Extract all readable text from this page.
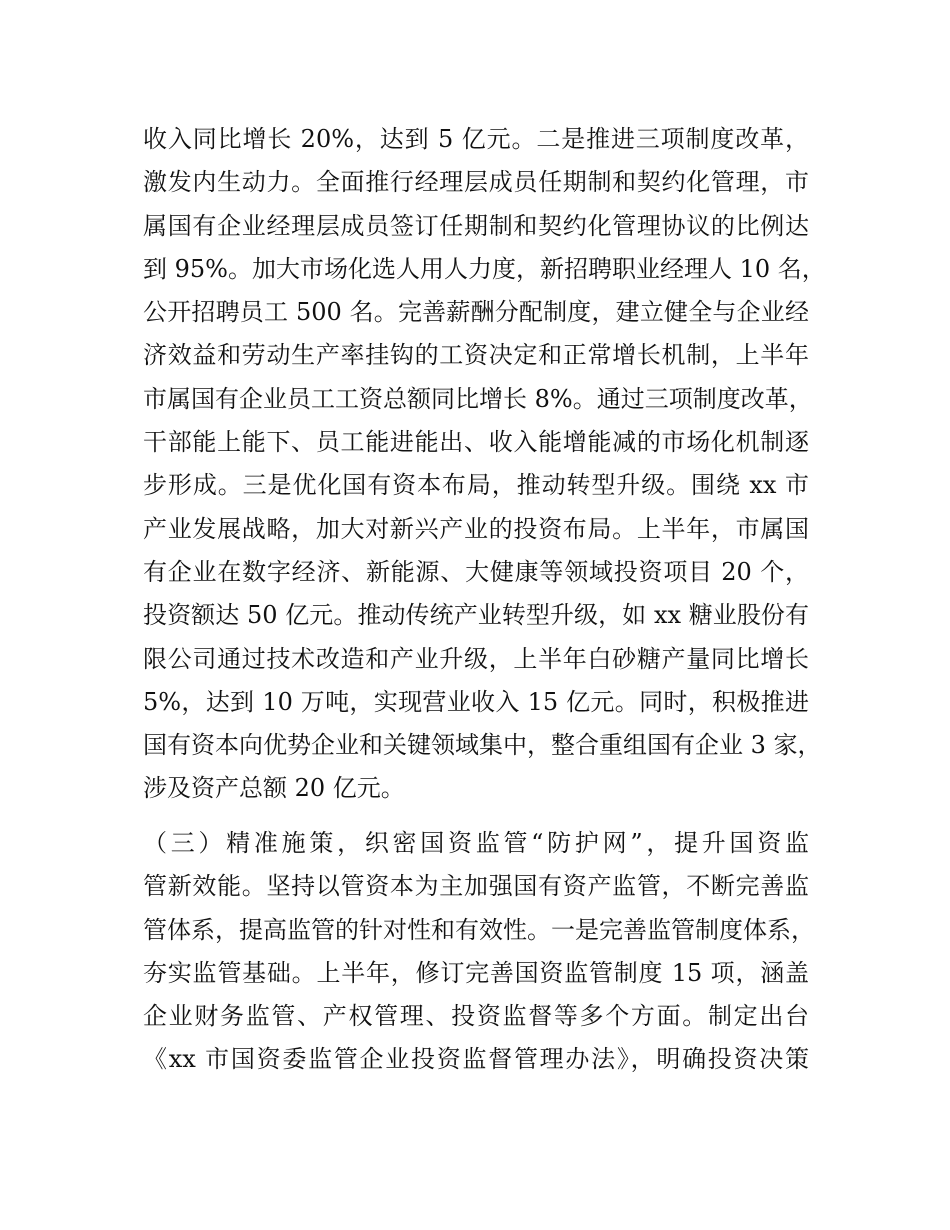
收入同比增长 20%，达到 5 亿元。二是推进三项制度改革，
激发内生动力。全面推行经理层成员任期制和契约化管理，市
属国有企业经理层成员签订任期制和契约化管理协议的比例达
到 95%。加大市场化选人用人力度，新招聘职业经理人 10 名，
公开招聘员工 500 名。完善薪酬分配制度，建立健全与企业经
济效益和劳动生产率挂钩的工资决定和正常增长机制，上半年
市属国有企业员工工资总额同比增长 8%。通过三项制度改革，
干部能上能下、员工能进能出、收入能增能减的市场化机制逐
步形成。三是优化国有资本布局，推动转型升级。围绕 xx 市
产业发展战略，加大对新兴产业的投资布局。上半年，市属国
有企业在数字经济、新能源、大健康等领域投资项目 20 个，
投资额达 50 亿元。推动传统产业转型升级，如 xx 糖业股份有
限公司通过技术改造和产业升级，上半年白砂糖产量同比增长
5%，达到 10 万吨，实现营业收入 15 亿元。同时，积极推进
国有资本向优势企业和关键领域集中，整合重组国有企业 3 家，
涉及资产总额 20 亿元。
（三）精准施策，织密国资监管“防护网”，提升国资监
管新效能。坚持以管资本为主加强国有资产监管，不断完善监
管体系，提高监管的针对性和有效性。一是完善监管制度体系，
夯实监管基础。上半年，修订完善国资监管制度 15 项，涵盖
企业财务监管、产权管理、投资监督等多个方面。制定出台
《xx 市国资委监管企业投资监督管理办法》，明确投资决策
